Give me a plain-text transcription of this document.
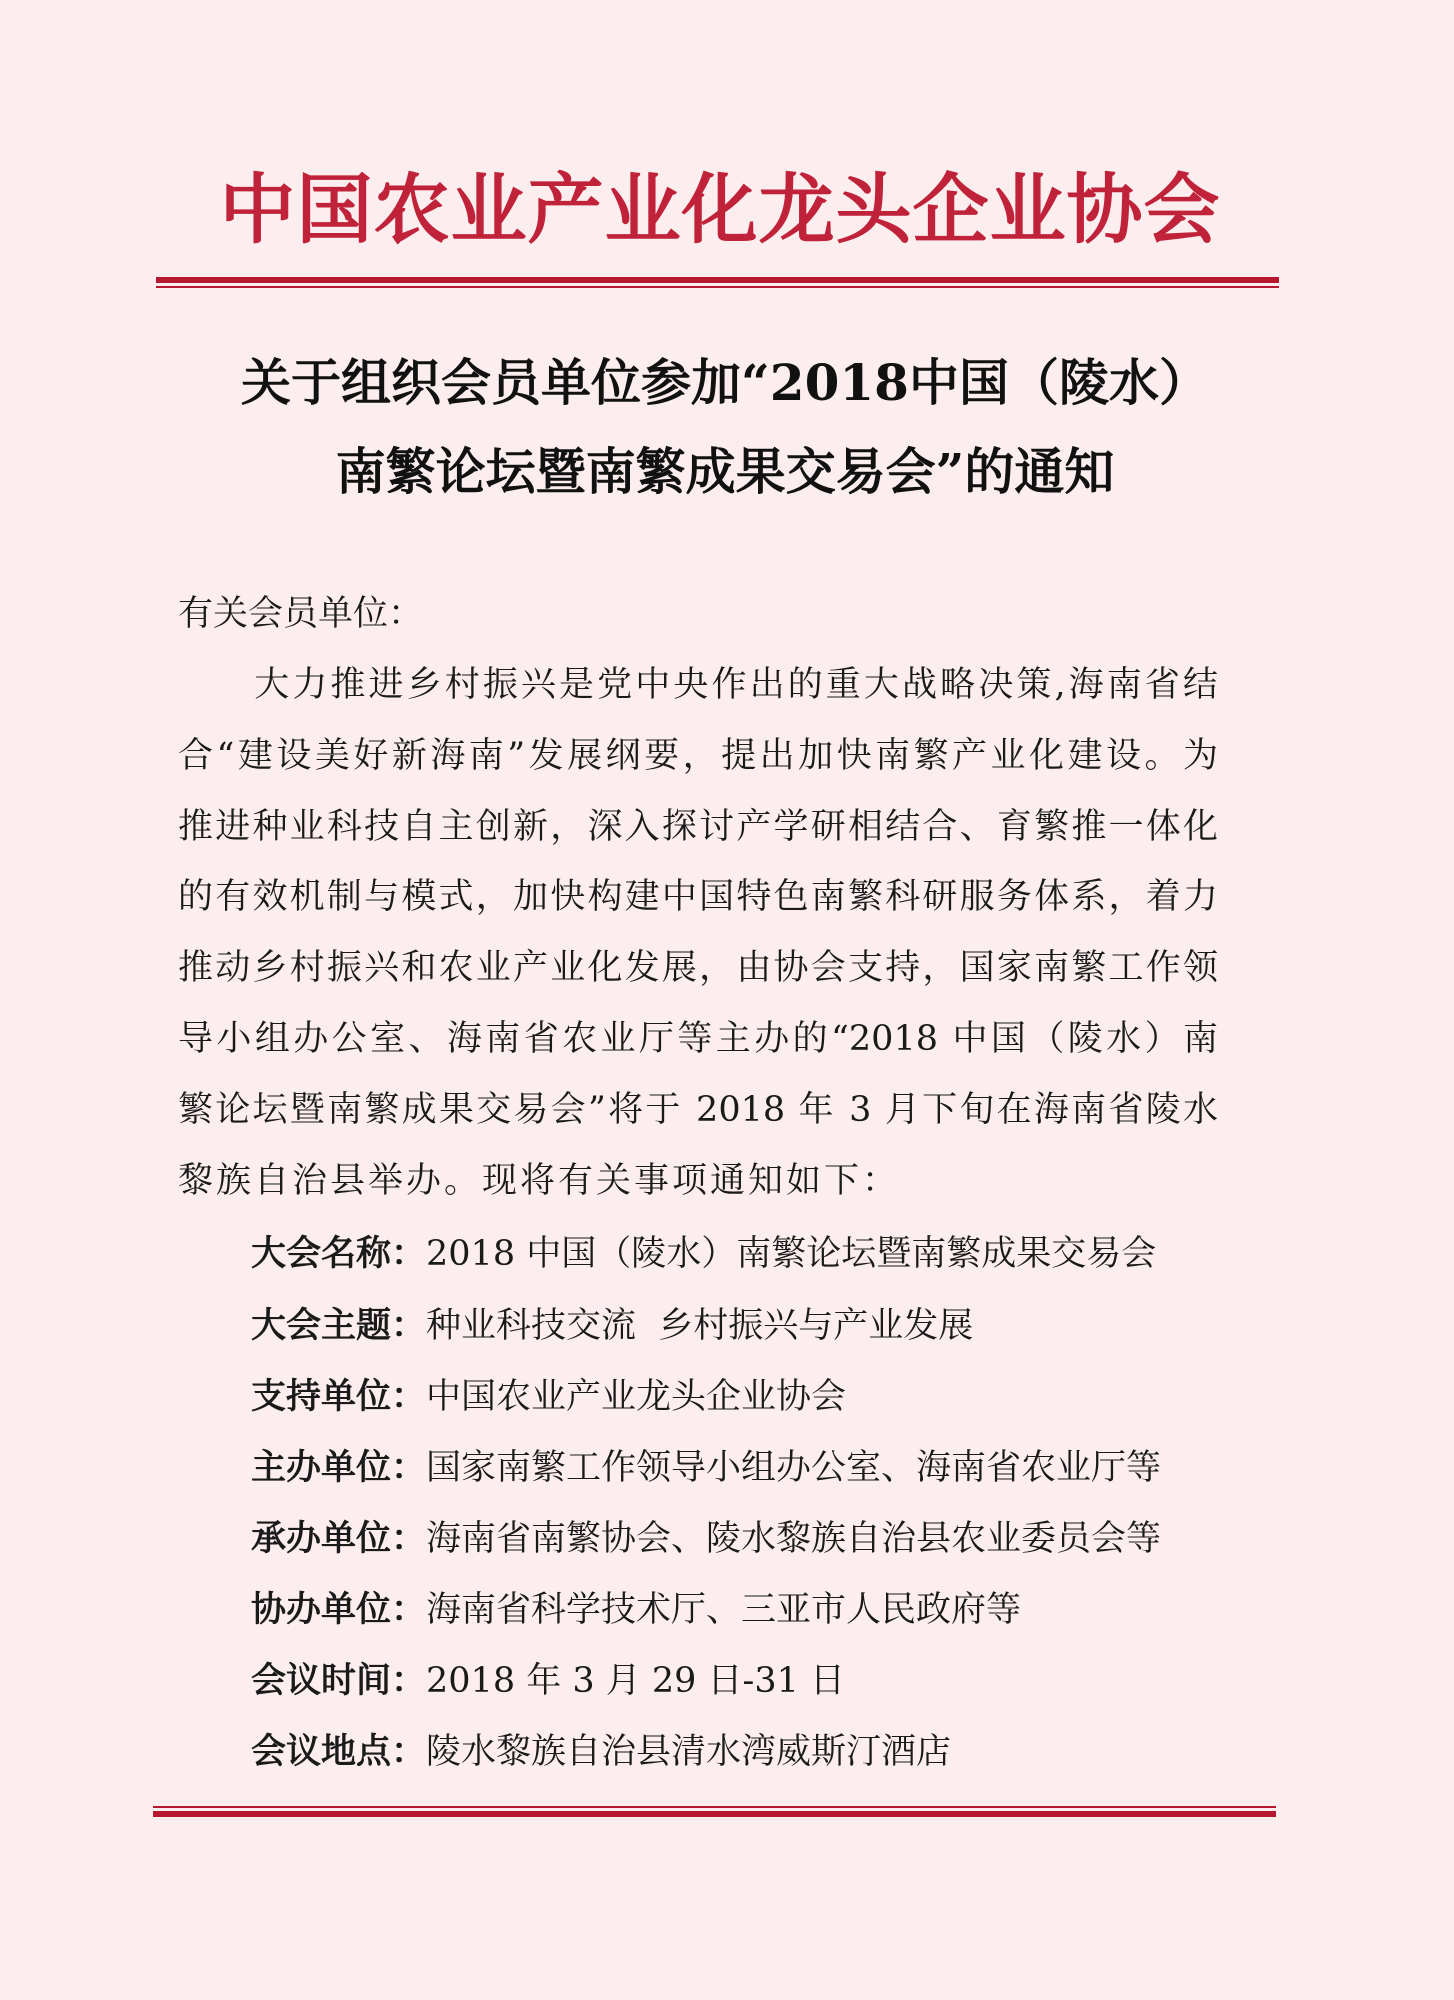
中国农业产业化龙头企业协会
关于组织会员单位参加“2018中国（陵水）
南繁论坛暨南繁成果交易会”的通知
有关会员单位：
　　大力推进乡村振兴是党中央作出的重大战略决策,海南省结
合“建设美好新海南”发展纲要，提出加快南繁产业化建设。为
推进种业科技自主创新，深入探讨产学研相结合、育繁推一体化
的有效机制与模式，加快构建中国特色南繁科研服务体系，着力
推动乡村振兴和农业产业化发展，由协会支持，国家南繁工作领
导小组办公室、海南省农业厅等主办的“2018 中国（陵水）南
繁论坛暨南繁成果交易会”将于 2018 年 3 月下旬在海南省陵水
黎族自治县举办。现将有关事项通知如下：
大会名称：2018 中国（陵水）南繁论坛暨南繁成果交易会
大会主题：种业科技交流  乡村振兴与产业发展
支持单位：中国农业产业龙头企业协会
主办单位：国家南繁工作领导小组办公室、海南省农业厅等
承办单位：海南省南繁协会、陵水黎族自治县农业委员会等
协办单位：海南省科学技术厅、三亚市人民政府等
会议时间：2018 年 3 月 29 日-31 日
会议地点：陵水黎族自治县清水湾威斯汀酒店
